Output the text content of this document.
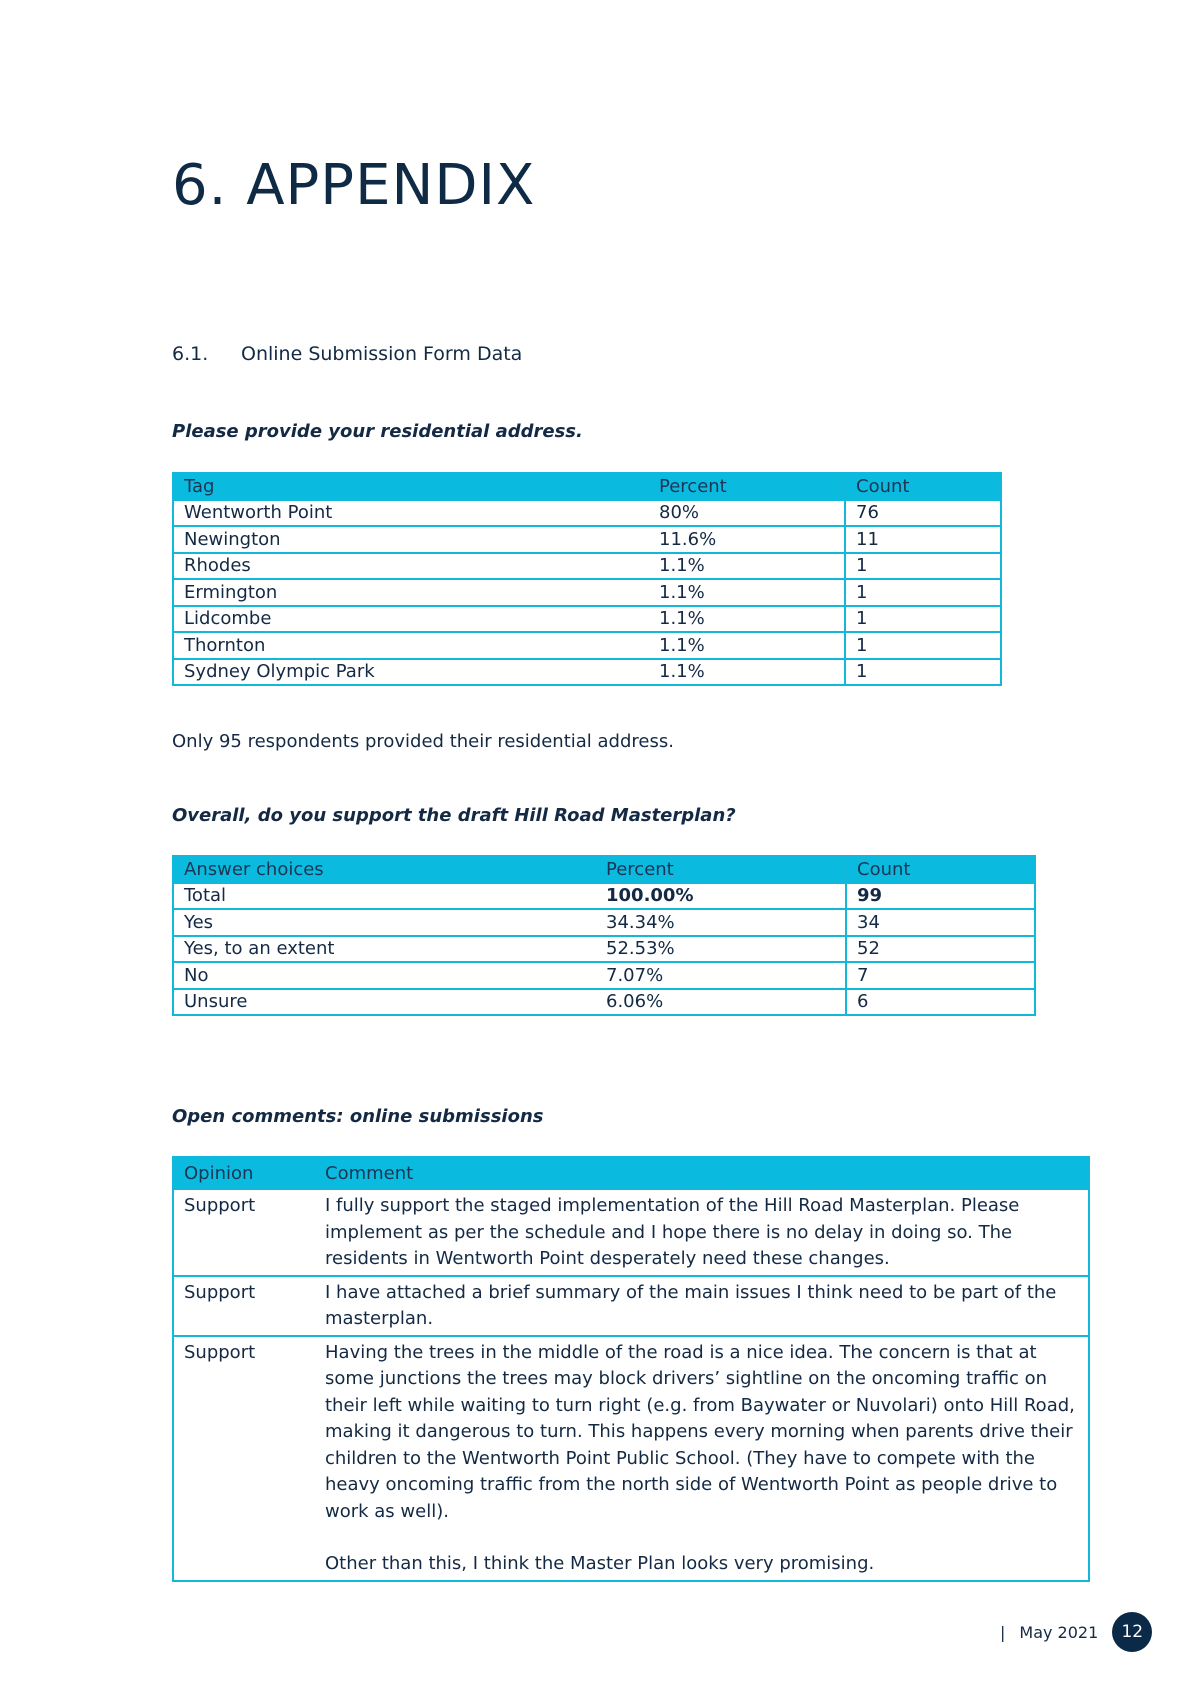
6. APPENDIX
6.1.	Online Submission Form Data

Please provide your residential address.

Tag	Percent	Count
Wentworth Point	80%	76
Newington	11.6%	11
Rhodes	1.1%	1
Ermington	1.1%	1
Lidcombe	1.1%	1
Thornton	1.1%	1
Sydney Olympic Park	1.1%	1

Only 95 respondents provided their residential address.

Overall, do you support the draft Hill Road Masterplan?

Answer choices	Percent	Count
Total	100.00%	99
Yes	34.34%	34
Yes, to an extent	52.53%	52
No	7.07%	7
Unsure	6.06%	6

Open comments: online submissions

Opinion	Comment
Support	I fully support the staged implementation of the Hill Road Masterplan. Please implement as per the schedule and I hope there is no delay in doing so. The residents in Wentworth Point desperately need these changes.

Support	I have attached a brief summary of the main issues I think need to be part of the masterplan.

Support	Having the trees in the middle of the road is a nice idea. The concern is that at some junctions the trees may block drivers’ sightline on the oncoming traffic on their left while waiting to turn right (e.g. from Baywater or Nuvolari) onto Hill Road, making it dangerous to turn. This happens every morning when parents drive their children to the Wentworth Point Public School. (They have to compete with the heavy oncoming traffic from the north side of Wentworth Point as people drive to work as well).

Other than this, I think the Master Plan looks very promising.

| May 2021	12
